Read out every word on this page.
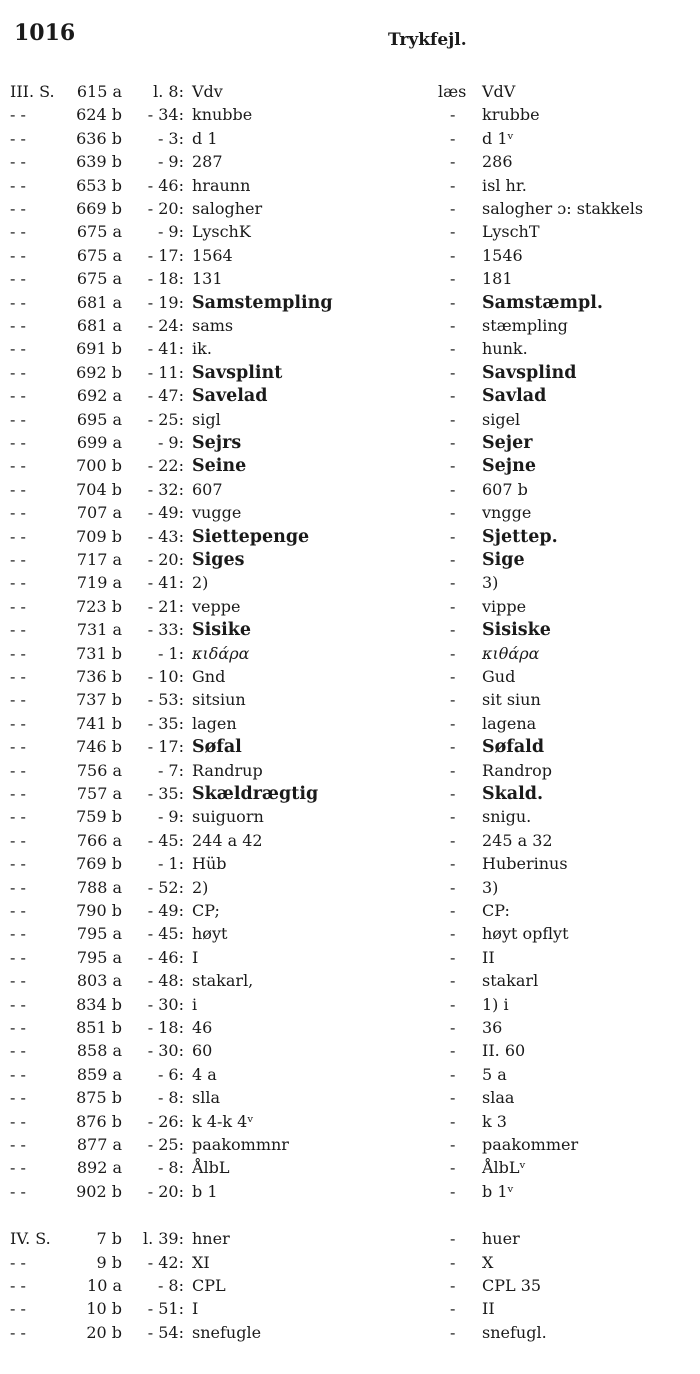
1016	Trykfejl.
III. S.	615 a	l. 8: Vdv	læs VdV
- -	624 b	- 34: knubbe	- krubbe
- -	636 b	- 3: d 1	- d 1ᵛ
- -	639 b	- 9: 287	- 286
- -	653 b	- 46: hraunn	- isl hr.
- -	669 b	- 20: salogher	- salogher ɔ: stakkels
- -	675 a	- 9: LyschK	- LyschT
- -	675 a	- 17: 1564	- 1546
- -	675 a	- 18: 131	- 181
- -	681 a	- 19: Samstempling	- Samstæmpl.
- -	681 a	- 24: sams	- stæmpling
- -	691 b	- 41: ik.	- hunk.
- -	692 b	- 11: Savsplint	- Savsplind
- -	692 a	- 47: Savelad	- Savlad
- -	695 a	- 25: sigl	- sigel
- -	699 a	- 9: Sejrs	- Sejer
- -	700 b	- 22: Seine	- Sejne
- -	704 b	- 32: 607	- 607 b
- -	707 a	- 49: vugge	- vngge
- -	709 b	- 43: Siettepenge	- Sjettep.
- -	717 a	- 20: Siges	- Sige
- -	719 a	- 41: 2)	- 3)
- -	723 b	- 21: veppe	- vippe
- -	731 a	- 33: Sisike	- Sisiske
- -	731 b	- 1: κιδάρα	- κιθάρα
- -	736 b	- 10: Gnd	- Gud
- -	737 b	- 53: sitsiun	- sit siun
- -	741 b	- 35: lagen	- lagena
- -	746 b	- 17: Søfal	- Søfald
- -	756 a	- 7: Randrup	- Randrop
- -	757 a	- 35: Skældrægtig	- Skald.
- -	759 b	- 9: suiguorn	- snigu.
- -	766 a	- 45: 244 a 42	- 245 a 32
- -	769 b	- 1: Hüb	- Huberinus
- -	788 a	- 52: 2)	- 3)
- -	790 b	- 49: CP;	- CP:
- -	795 a	- 45: høyt	- høyt opflyt
- -	795 a	- 46: I	- II
- -	803 a	- 48: stakarl,	- stakarl
- -	834 b	- 30: i	- 1) i
- -	851 b	- 18: 46	- 36
- -	858 a	- 30: 60	- II. 60
- -	859 a	- 6: 4 a	- 5 a
- -	875 b	- 8: slla	- slaa
- -	876 b	- 26: k 4-k 4ᵛ	- k 3
- -	877 a	- 25: paakommnr	- paakommer
- -	892 a	- 8: ÅlbL	- ÅlbLᵛ
- -	902 b	- 20: b 1	- b 1ᵛ
IV. S.	7 b	l. 39: hner	- huer
- -	9 b	- 42: XI	- X
- -	10 a	- 8: CPL	- CPL 35
- -	10 b	- 51: I	- II
- -	20 b	- 54: snefugle	- snefugl.
